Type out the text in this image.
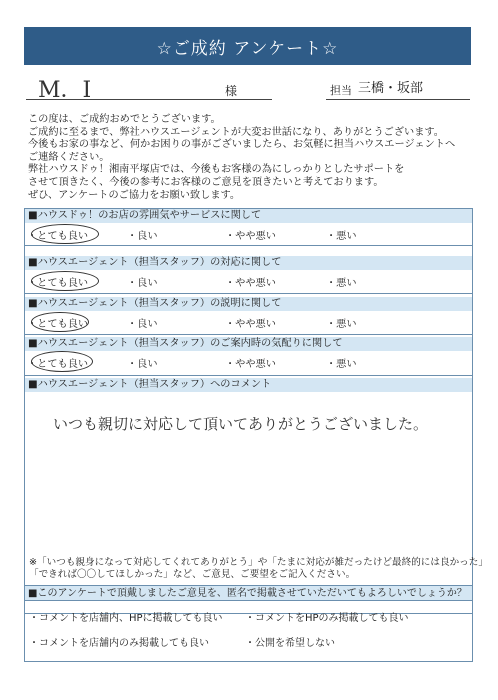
☆ご成約 アンケート☆
M．I	様	担当 三橋・坂部
この度は、ご成約おめでとうございます。
ご成約に至るまで、弊社ハウスエージェントが大変お世話になり、ありがとうございます。
今後もお家の事など、何かお困りの事がございましたら、お気軽に担当ハウスエージェントへ
ご連絡ください。
弊社ハウスドゥ！湘南平塚店では、今後もお客様の為にしっかりとしたサポートを
させて頂きたく、今後の参考にお客様のご意見を頂きたいと考えております。
ぜひ、アンケートのご協力をお願い致します。
■ハウスドゥ！のお店の雰囲気やサービスに関して
・とても良い	・良い	・やや悪い	・悪い
■ハウスエージェント（担当スタッフ）の対応に関して
・とても良い	・良い	・やや悪い	・悪い
■ハウスエージェント（担当スタッフ）の説明に関して
・とても良い	・良い	・やや悪い	・悪い
■ハウスエージェント（担当スタッフ）のご案内時の気配りに関して
・とても良い	・良い	・やや悪い	・悪い
■ハウスエージェント（担当スタッフ）へのコメント
いつも親切に対応して頂いてありがとうございました。
※「いつも親身になって対応してくれてありがとう」や「たまに対応が雑だったけど最終的には良かった」
「できれば〇〇してほしかった」など、ご意見、ご要望をご記入ください。
■このアンケートで頂戴しましたご意見を、匿名で掲載させていただいてもよろしいでしょうか？
・コメントを店舗内、HPに掲載しても良い ・コメントをHPのみ掲載しても良い
・コメントを店舗内のみ掲載しても良い	・公開を希望しない
